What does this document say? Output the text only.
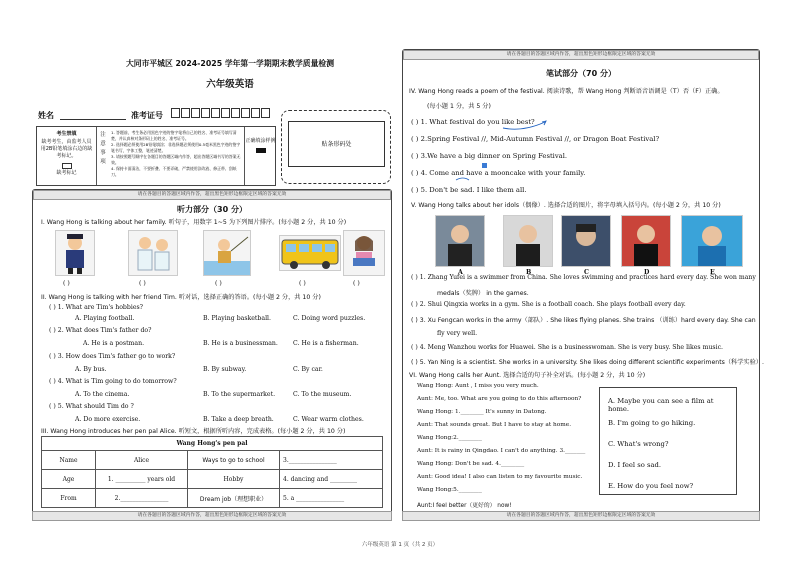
大同市平城区 2024-2025 学年第一学期期末教学质量检测
六年级英语
姓名	准考证号
考生禁填
缺考考生，由监考人员用2B铅笔填涂右边的缺考标记。
缺考标记
注意事项
1. 答题前，考生务必用黑色字迹的签字笔将自己的姓名、准考证号填写清楚，并认真核对条形码上的姓名、准考证号。
2. 选择题必须使用2B铅笔填涂；非选择题必须使用0.5毫米黑色字迹的签字笔书写，字体工整，笔迹清楚。
3. 请按照题号顺序在各题目的答题区域内作答，超出答题区域书写的答案无效。
4. 保持卡面清洁，不要折叠、不要弄破，严禁使用涂改液、修正带、刮纸刀。
正确填涂样例	贴条形码处
请在各题目的答题区域内作答，超出黑色矩形边框限定区域的答案无效
听力部分（30 分）
I. Wang Hong is talking about her family. 听句子，用数字 1~5 为下列图片排序。(每小题 2 分，共 10 分)
( )	( )	( )	( )	( )
II. Wang Hong is talking with her friend Tim. 听对话，选择正确的答语。(每小题 2 分，共 10 分)
( ) 1. What are Tim's hobbies?
A. Playing football.	B. Playing basketball.	C. Doing word puzzles.
( ) 2. What does Tim's father do?
A. He is a postman.	B. He is a businessman. C. He is a fisherman.
( ) 3. How does Tim's father go to work?
A. By bus.	B. By subway.	C. By car.
( ) 4. What is Tim going to do tomorrow?
A. To the cinema.	B. To the supermarket.	C. To the museum.
( ) 5. What should Tim do ?
A. Do more exercise.	B. Take a deep breath.	C. Wear warm clothes.
III. Wang Hong introduces her pen pal Alice. 听短文，根据所听内容，完成表格。(每小题 2 分，共 10 分)
Wang Hong's pen pal			
Name	Alice	Ways to go to school	3.________________
Age	1. __________ years old	Hobby	4. dancing and _________
From	2.________________	Dream job（理想职业）	5. a ________________
请在各题目的答题区域内作答，超出黑色矩形边框限定区域的答案无效
请在各题目的答题区域内作答，超出黑色矩形边框限定区域的答案无效
笔试部分（70 分）
IV. Wang Hong reads a poem of the festival. 阅读诗歌，帮 Wang Hong 判断语音语调是（T）否（F）正确。
(每小题 1 分，共 5 分)
( ) 1. What festival do you like best?
( ) 2.Spring Festival //, Mid-Autumn Festival //, or Dragon Boat Festival?
( ) 3.We have a big dinner on Spring Festival.
( ) 4. Come and have a mooncake with your family.
( ) 5. Don't be sad. I like them all.
V. Wang Hong talks about her idols（偶像）. 选择合适的图片，将字母填入括号内。(每小题 2 分，共 10 分)
A	B	C	D	E
( ) 1. Zhang Yufei is a swimmer from China. She loves swimming and practices hard every day. She won many
medals（奖牌） in the games.
( ) 2. Shui Qingxia works in a gym. She is a football coach. She plays football every day.
( ) 3. Xu Fengcan works in the army（部队）. She likes flying planes. She trains （训练）hard every day. She can
fly very well.
( ) 4. Meng Wanzhou works for Huawei. She is a businesswoman. She is very busy. She likes music.
( ) 5. Yan Ning is a scientist. She works in a university. She likes doing different scientific experiments（科学实验）.
VI. Wang Hong calls her Aunt. 选择合适的句子补全对话。(每小题 2 分，共 10 分)
Wang Hong: Aunt , I miss you very much.
Aunt: Me, too. What are you going to do this afternoon?
Wang Hong: 1.________ It's sunny in Datong.
Aunt: That sounds great. But I have to stay at home.
Wang Hong:2.________
Aunt: It is rainy in Qingdao. I can't do anything. 3._______
Wang Hong: Don't be sad. 4.________
Aunt: Good idea! I also can listen to my favourite music.
Wang Hong:5.________
Aunt:I feel better（更好的） now!
A. Maybe you can see a film at home.
B. I'm going to go hiking.
C. What's wrong?
D. I feel so sad.
E. How do you feel now?
请在各题目的答题区域内作答，超出黑色矩形边框限定区域的答案无效
六年级英语 第 1 页（共 2 页）
